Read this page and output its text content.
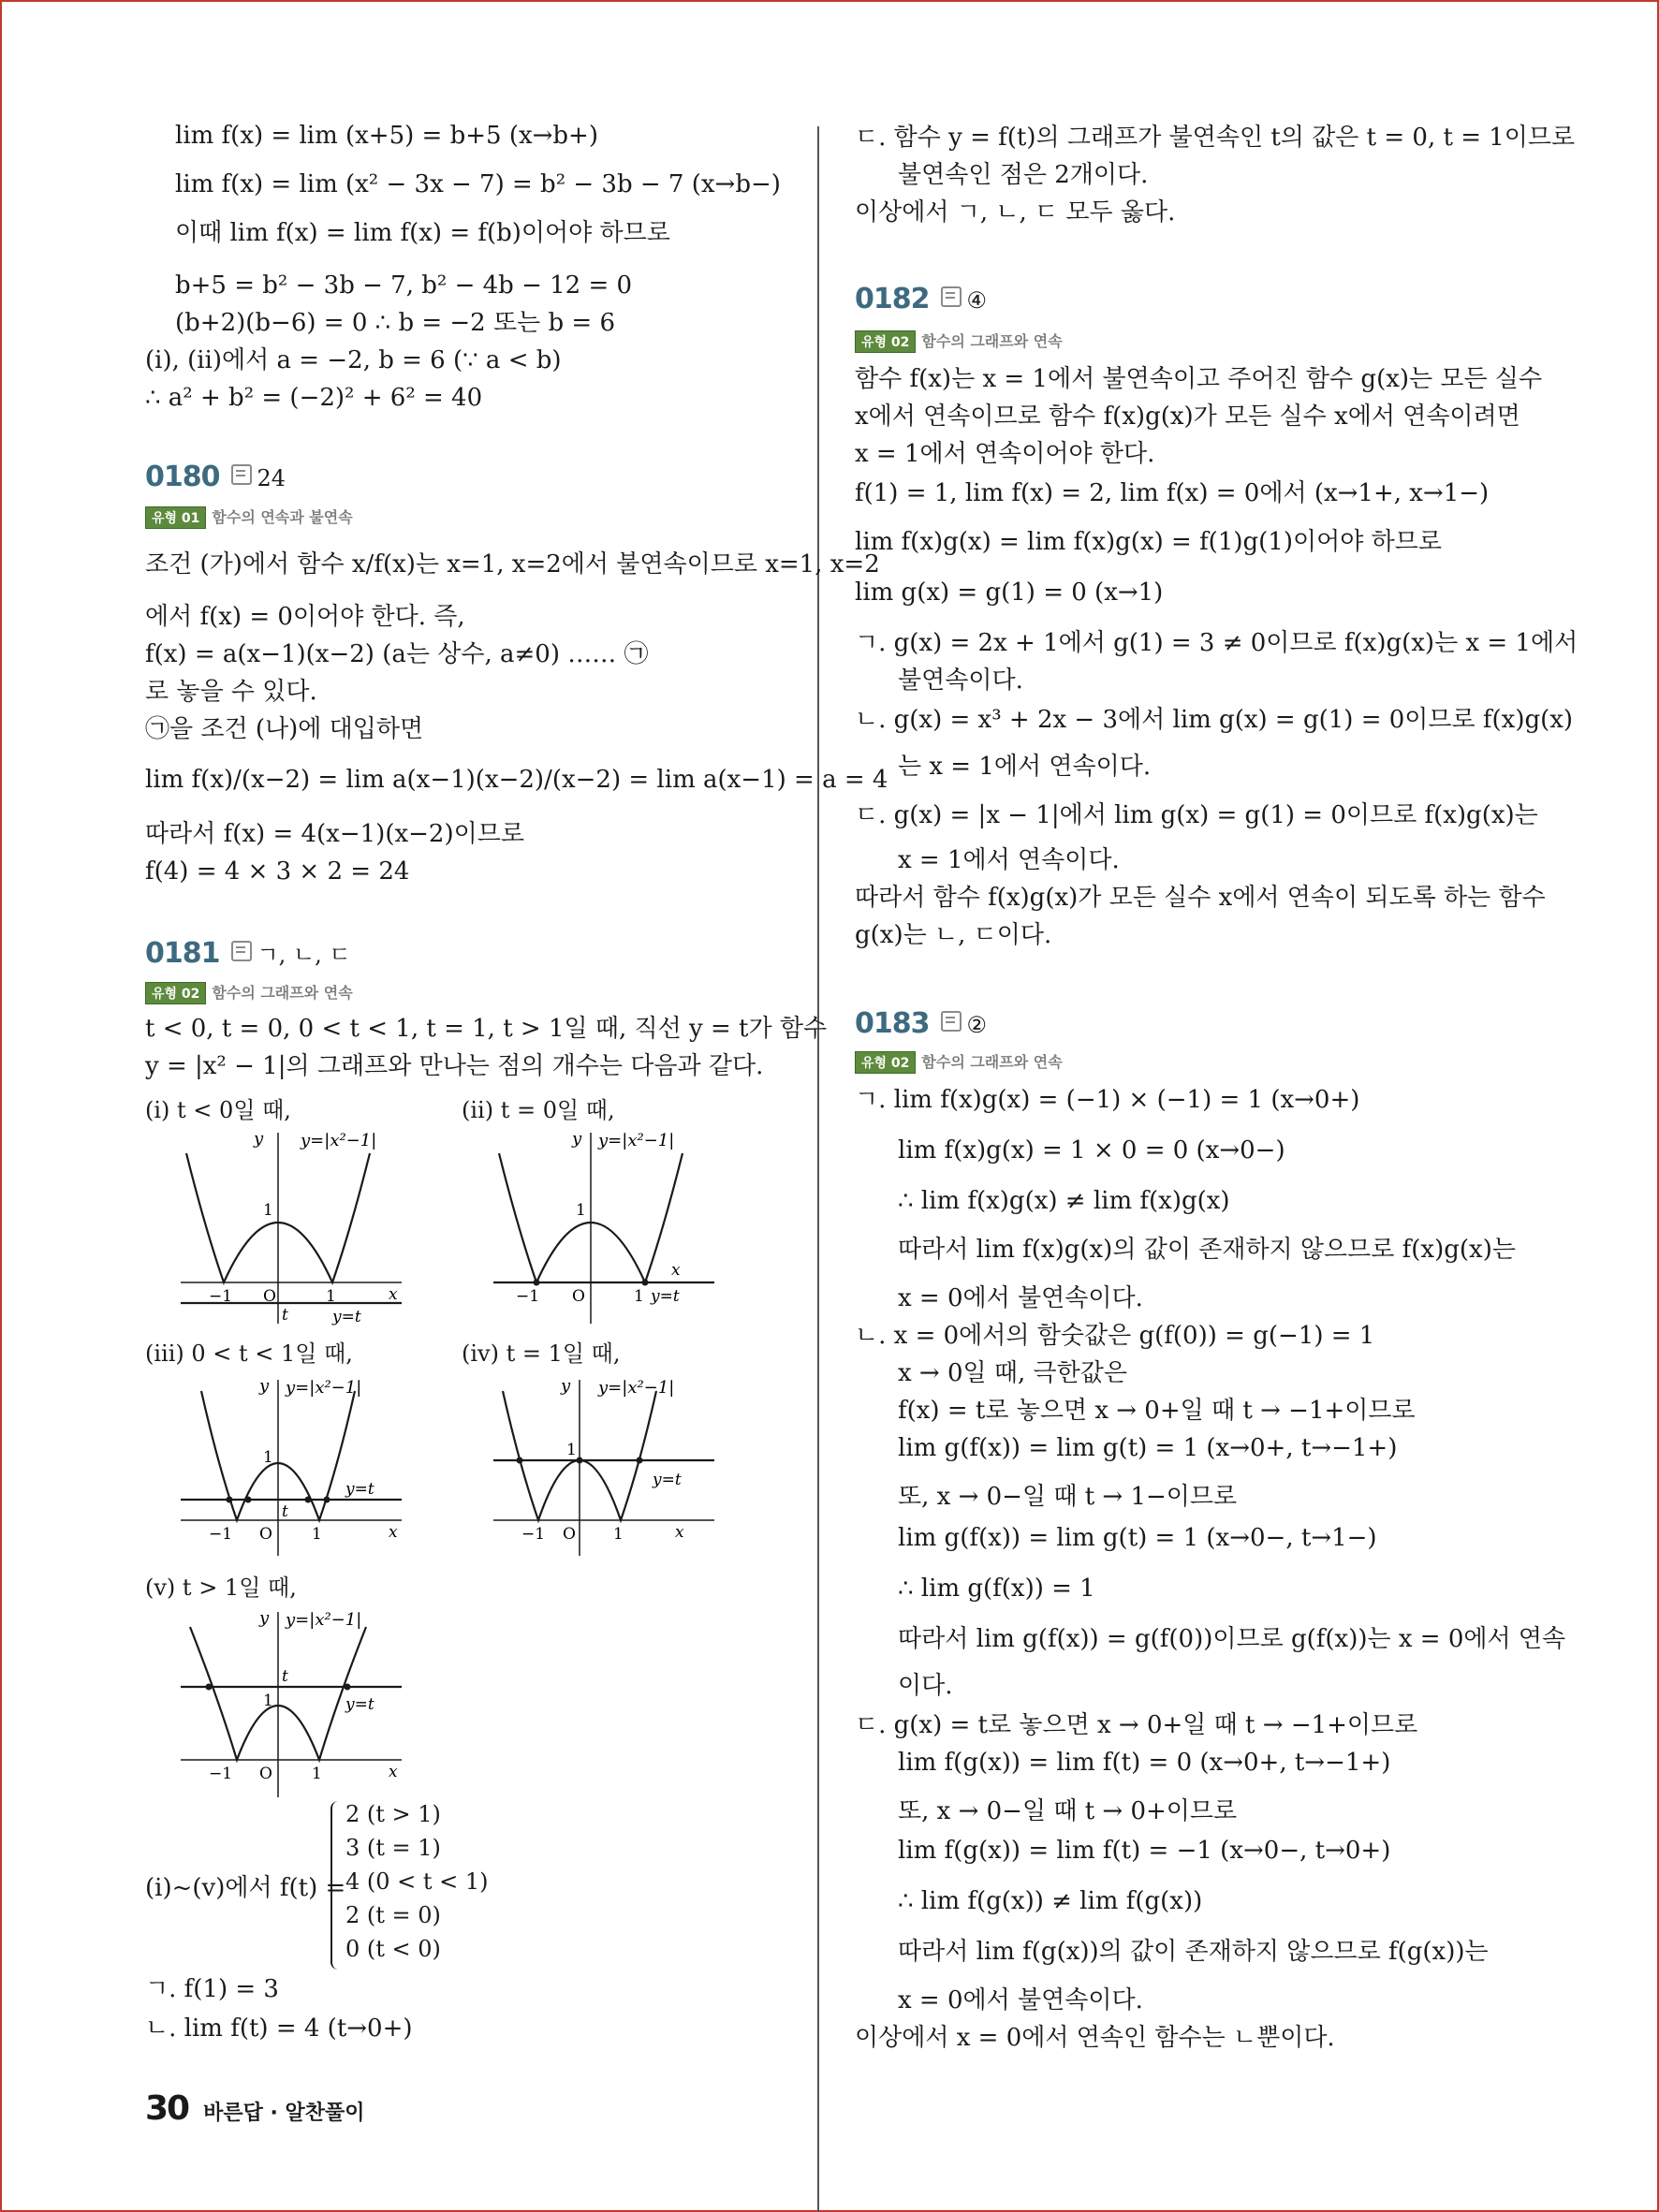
lim f(x) = lim (x+5) = b+5 (x→b+)
lim f(x) = lim (x² − 3x − 7) = b² − 3b − 7 (x→b−)
이때 lim f(x) = lim f(x) = f(b)이어야 하므로
b+5 = b² − 3b − 7, b² − 4b − 12 = 0
(b+2)(b−6) = 0 ∴ b = −2 또는 b = 6
(ⅰ), (ⅱ)에서 a = −2, b = 6 (∵ a < b)
∴ a² + b² = (−2)² + 6² = 40
0180 24
유형 01 함수의 연속과 불연속
조건 (가)에서 함수 x/f(x)는 x=1, x=2에서 불연속이므로 x=1, x=2
에서 f(x) = 0이어야 한다. 즉,
f(x) = a(x−1)(x−2) (a는 상수, a≠0) …… ㉠
로 놓을 수 있다.
㉠을 조건 (나)에 대입하면
lim f(x)/(x−2) = lim a(x−1)(x−2)/(x−2) = lim a(x−1) = a = 4
따라서 f(x) = 4(x−1)(x−2)이므로
f(4) = 4 × 3 × 2 = 24
0181 ㄱ, ㄴ, ㄷ
유형 02 함수의 그래프와 연속
t < 0, t = 0, 0 < t < 1, t = 1, t > 1일 때, 직선 y = t가 함수
y = |x² − 1|의 그래프와 만나는 점의 개수는 다음과 같다.
(ⅰ) t < 0일 때,	(ⅱ) t = 0일 때,
y y=|x²−1|
1
−1 O	1	x
t	y=t
y y=|x²−1|
1
−1 O	1
x
y=t
(ⅲ) 0 < t < 1일 때,	(ⅳ) t = 1일 때,
y y=|x²−1|
1
t
−1 O 1	x
y=t
y y=|x²−1|
1
−1 O 1	x
y=t
(ⅴ) t > 1일 때,
y y=|x²−1|
t
1
−1 O 1	x
y=t
(ⅰ)~(ⅴ)에서 f(t) =
2 (t > 1)
3 (t = 1)
4 (0 < t < 1)
2 (t = 0)
0 (t < 0)
ㄱ. f(1) = 3
ㄴ. lim f(t) = 4 (t→0+)
ㄷ. 함수 y = f(t)의 그래프가 불연속인 t의 값은 t = 0, t = 1이므로
불연속인 점은 2개이다.
이상에서 ㄱ, ㄴ, ㄷ 모두 옳다.
0182 ④
유형 02 함수의 그래프와 연속
함수 f(x)는 x = 1에서 불연속이고 주어진 함수 g(x)는 모든 실수
x에서 연속이므로 함수 f(x)g(x)가 모든 실수 x에서 연속이려면
x = 1에서 연속이어야 한다.
f(1) = 1, lim f(x) = 2, lim f(x) = 0에서 (x→1+, x→1−)
lim f(x)g(x) = lim f(x)g(x) = f(1)g(1)이어야 하므로
lim g(x) = g(1) = 0 (x→1)
ㄱ. g(x) = 2x + 1에서 g(1) = 3 ≠ 0이므로 f(x)g(x)는 x = 1에서
불연속이다.
ㄴ. g(x) = x³ + 2x − 3에서 lim g(x) = g(1) = 0이므로 f(x)g(x)
는 x = 1에서 연속이다.
ㄷ. g(x) = |x − 1|에서 lim g(x) = g(1) = 0이므로 f(x)g(x)는
x = 1에서 연속이다.
따라서 함수 f(x)g(x)가 모든 실수 x에서 연속이 되도록 하는 함수
g(x)는 ㄴ, ㄷ이다.
0183 ②
유형 02 함수의 그래프와 연속
ㄱ. lim f(x)g(x) = (−1) × (−1) = 1 (x→0+)
lim f(x)g(x) = 1 × 0 = 0 (x→0−)
∴ lim f(x)g(x) ≠ lim f(x)g(x)
따라서 lim f(x)g(x)의 값이 존재하지 않으므로 f(x)g(x)는
x = 0에서 불연속이다.
ㄴ. x = 0에서의 함숫값은 g(f(0)) = g(−1) = 1
x → 0일 때, 극한값은
f(x) = t로 놓으면 x → 0+일 때 t → −1+이므로
lim g(f(x)) = lim g(t) = 1 (x→0+, t→−1+)
또, x → 0−일 때 t → 1−이므로
lim g(f(x)) = lim g(t) = 1 (x→0−, t→1−)
∴ lim g(f(x)) = 1
따라서 lim g(f(x)) = g(f(0))이므로 g(f(x))는 x = 0에서 연속
이다.
ㄷ. g(x) = t로 놓으면 x → 0+일 때 t → −1+이므로
lim f(g(x)) = lim f(t) = 0 (x→0+, t→−1+)
또, x → 0−일 때 t → 0+이므로
lim f(g(x)) = lim f(t) = −1 (x→0−, t→0+)
∴ lim f(g(x)) ≠ lim f(g(x))
따라서 lim f(g(x))의 값이 존재하지 않으므로 f(g(x))는
x = 0에서 불연속이다.
이상에서 x = 0에서 연속인 함수는 ㄴ뿐이다.
30 바른답 · 알찬풀이
